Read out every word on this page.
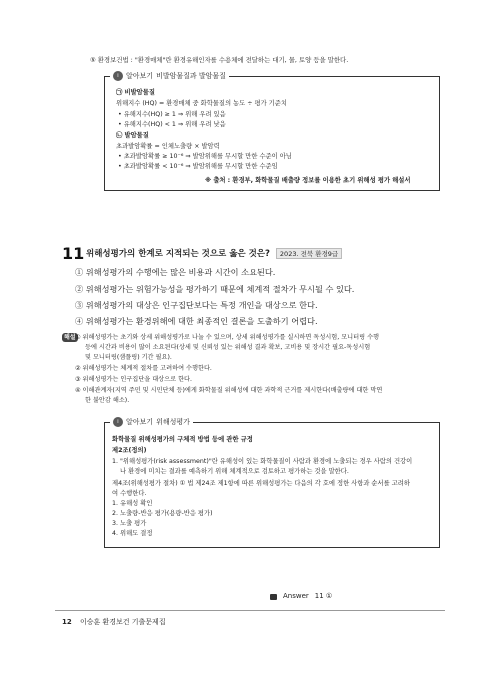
⑤ 환경보건법 : "환경매체"란 환경유해인자를 수용체에 전달하는 대기, 물, 토양 등을 말한다.
i	알아보기 비발암물질과 발암물질
㉠ 비발암물질
위해지수 (HQ) = 환경매체 중 화학물질의 농도 ÷ 평가 기준치
• 유해지수(HQ) ≥ 1 ⇒ 위해 우려 있음
• 유해지수(HQ) < 1 ⇒ 위해 우려 낮음
㉡ 발암물질
초과발암확률 = 인체노출량 × 발암력
• 초과발암확률 ≥ 10⁻⁶ ⇒ 발암위해를 무시할 만한 수준이 아님
• 초과발암확률 < 10⁻⁶ ⇒ 발암위해를 무시할 만한 수준임
※ 출처 : 환경부, 화학물질 배출량 정보를 이용한 초기 위해성 평가 해설서
11 위해성평가의 한계로 지적되는 것으로 옳은 것은? 2023. 전북 환경9급
① 위해성평가의 수행에는 많은 비용과 시간이 소요된다.
② 위해성평가는 위험가능성을 평가하기 때문에 체계적 절차가 무시될 수 있다.
③ 위해성평가의 대상은 인구집단보다는 특정 개인을 대상으로 한다.
④ 위해성평가는 환경위해에 대한 최종적인 결론을 도출하기 어렵다.
해설 ① 위해성평가는 초기와 상세 위해성평가로 나눌 수 있으며, 상세 위해성평가를 실시하면 독성시험, 모니터링 수행
등에 시간과 비용이 많이 소요된다(상세 및 신뢰성 있는 위해성 결과 확보, 고비용 및 장시간 필요-독성시험
및 모니터링(샘플링) 기간 필요).
② 위해성평가는 체계적 절차를 고려하여 수행한다.
③ 위해성평가는 인구집단을 대상으로 한다.
④ 이해관계자(지역 주민 및 시민단체 등)에게 화학물질 위해성에 대한 과학적 근거를 제시한다(배출량에 대한 막연
한 불안감 해소).
i	알아보기 위해성평가
화학물질 위해성평가의 구체적 방법 등에 관한 규정
제2조(정의)
1. "위해성평가(risk assessment)"란 유해성이 있는 화학물질이 사람과 환경에 노출되는 경우 사람의 건강이
나 환경에 미치는 결과를 예측하기 위해 체계적으로 검토하고 평가하는 것을 말한다.
제4조(위해성평가 절차) ① 법 제24조 제1항에 따른 위해성평가는 다음의 각 호에 정한 사항과 순서를 고려하
여 수행한다.
1. 유해성 확인
2. 노출량-반응 평가(용량-반응 평가)
3. 노출 평가
4. 위해도 결정
Answer 11 ①
12 이승훈 환경보건 기출문제집
